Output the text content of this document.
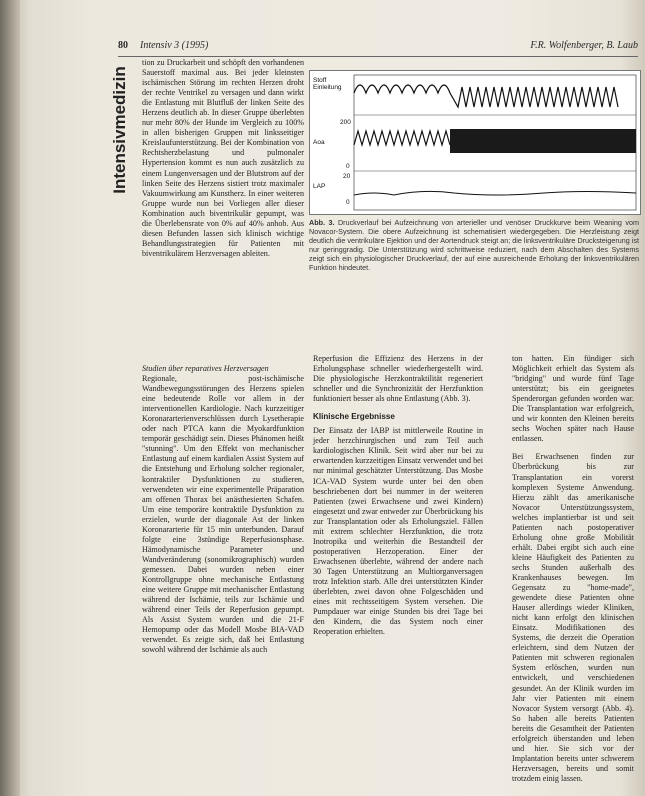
80 Intensiv 3 (1995)	F.R. Wolfenberger, B. Laub
Intensivmedizin

tion zu Druckarbeit und schöpft den vorhandenen Sauerstoff maximal aus. Bei jeder kleinsten ischämischen Störung im rechten Herzen droht der rechte Ventrikel zu versagen und dann wirkt die Entlastung mit Blutfluß der linken Seite des Herzens deutlich ab. In dieser Gruppe überlebten nur mehr 80% der Hunde im Vergleich zu 100% in allen bisherigen Gruppen mit linksseitiger Kreislaufunterstützung. Bei der Kombination von Rechtsherzbelastung und pulmonaler Hypertension kommt es nun auch zusätzlich zu einem Lungenversagen und der Blutstrom auf der linken Seite des Herzens sistiert trotz maximaler Vakuumwirkung am Kunstherz. In einer weiteren Gruppe wurde nun bei Vorliegen aller dieser Kombination auch biventrikulär gepumpt, was die Überlebensrate von 0% auf 40% anhob. Aus diesen Befunden lassen sich klinisch wichtige Behandlungsstrategien für Patienten mit biventrikulärem Herzversagen ableiten.

Stoff Einleitung
Aoa
LAP
200
0
20
0
Abb. 3. Druckverlauf bei Aufzeichnung von arterieller und venöser Druckkurve beim Weaning vom Novacor-System. Die obere Aufzeichnung ist schematisiert wiedergegeben. Die Herzleistung zeigt deutlich die ventrikuläre Ejektion und der Aortendruck steigt an; die linksventrikuläre Drucksteigerung ist nur geringgradig. Die Unterstützung wird schrittweise reduziert, nach dem Abschalten des Systems zeigt sich ein physiologischer Druckverlauf, der auf eine ausreichende Erholung der linksventrikulären Funktion hindeutet.
Studien über reparatives Herzversagen

Regionale, post-ischämische Wandbewegungsstörungen des Herzens spielen eine bedeutende Rolle vor allem in der interventionellen Kardiologie. Nach kurzzeitiger Koronararterienverschlüssen durch Lysetherapie oder nach PTCA kann die Myokardfunktion temporär geschädigt sein. Dieses Phänomen heißt "stunning". Um den Effekt von mechanischer Entlastung auf einem kardialen Assist System auf die Entstehung und Erholung solcher regionaler, kontraktiler Dysfunktionen zu studieren, verwendeten wir eine experimentelle Präparation am offenen Thorax bei anästhesierten Schafen. Um eine temporäre kontraktile Dysfunktion zu erzielen, wurde der diagonale Ast der linken Koronararterie für 15 min unterbunden. Darauf folgte eine 3stündige Reperfusionsphase. Hämodynamische Parameter und Wandveränderung (sonomikrographisch) wurden gemessen. Dabei wurden neben einer Kontrollgruppe ohne mechanische Entlastung eine weitere Gruppe mit mechanischer Entlastung während der Ischämie, teils zur Ischämie und während einer Teils der Reperfusion gepumpt. Als Assist System wurden und die 21-F Hemopump oder das Modell Mosbe BIA-VAD verwendet. Es zeigte sich, daß bei Entlastung sowohl während der Ischämie als auch

Reperfusion die Effizienz des Herzens in der Erholungsphase schneller wiederhergestellt wird. Die physiologische Herzkontraktilität regeneriert schneller und die Synchronizität der Herzfunktion funktioniert besser als ohne Entlastung (Abb. 3).

Klinische Ergebnisse

Der Einsatz der IABP ist mittlerweile Routine in jeder herzchirurgischen und zum Teil auch kardiologischen Klinik. Seit wird aber nur bei zu erwartenden kurzzeitigen Einsatz verwendet und bei nur minimal geschätzter Unterstützung. Das Mosbe ICA-VAD System wurde unter bei den oben beschriebenen dort bei nummer in der weiteren Patienten (zwei Erwachsene und zwei Kindern) eingesetzt und zwar entweder zur Überbrückung bis zur Transplantation oder als Erholungsziel. Fällen mit extrem schlechter Herzfunktion, die trotz Inotropika und weiterhin die Bestandteil der postoperativen Herzoperation. Einer der Erwachsenen überlebte, während der andere nach 30 Tagen Unterstützung an Multiorganversagen trotz Infektion starb. Alle drei unterstützten Kinder überlebten, zwei davon ohne Folgeschäden und eines mit rechtsseitigem System versehen. Die Pumpdauer war einige Stunden bis drei Tage bei den Kindern, die das System noch einer Reoperation erhielten.

ton hatten. Ein fündiger sich Möglichkeit erhielt das System als "bridging" und wurde fünf Tage unterstützt; bis ein geeignetes Spenderorgan gefunden worden war. Die Transplantation war erfolgreich, und wir konnten den Kleinen bereits sechs Wochen später nach Hause entlassen.

Bei Erwachsenen finden zur Überbrückung bis zur Transplantation ein vorerst komplexen Systeme Anwendung. Hierzu zählt das amerikanische Novacor Unterstützungssystem, welches implantierbar ist und seit Patienten nach postoperativer Erholung ohne große Mobilität erhält. Dabei ergibt sich auch eine kleine Häufigkeit des Patienten zu sechs Stunden außerhalb des Krankenhauses bewegen. Im Gegensatz zu "home-made", gewendete diese Patienten ohne Hauser allerdings wieder Kliniken, nicht kann erfolgt den klinischen Einsatz. Modifikationen des Systems, die derzeit die Operation erleichtern, sind dem Nutzen der Patienten mit schweren regionalen System erlöschen, wurden nun entwickelt, und verschiedenen gesundet. An der Klinik wurden im Jahr vier Patienten mit einem Novacor System versorgt (Abb. 4). So haben alle bereits Patienten bereits die Gesamtheit der Patienten erfolgreich überstanden und leben und hier. Sie sich vor der Implantation bereits unter schwerem Herzversagen, bereits und somit trotzdem einig lassen.
